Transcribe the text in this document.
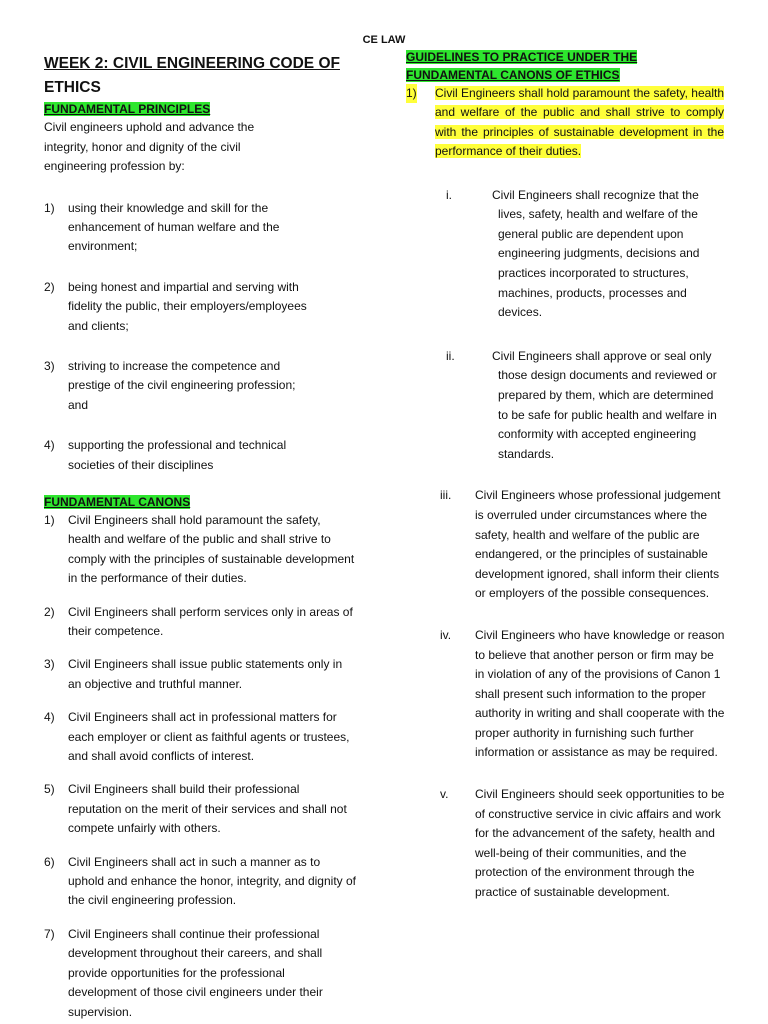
CE LAW
WEEK 2: CIVIL ENGINEERING CODE OF
ETHICS
FUNDAMENTAL PRINCIPLES
Civil engineers uphold and advance the integrity, honor and dignity of the civil engineering profession by:
1) using their knowledge and skill for the enhancement of human welfare and the environment;
2) being honest and impartial and serving with fidelity the public, their employers/employees and clients;
3) striving to increase the competence and prestige of the civil engineering profession; and
4) supporting the professional and technical societies of their disciplines
FUNDAMENTAL CANONS
1) Civil Engineers shall hold paramount the safety, health and welfare of the public and shall strive to comply with the principles of sustainable development in the performance of their duties.
2) Civil Engineers shall perform services only in areas of their competence.
3) Civil Engineers shall issue public statements only in an objective and truthful manner.
4) Civil Engineers shall act in professional matters for each employer or client as faithful agents or trustees, and shall avoid conflicts of interest.
5) Civil Engineers shall build their professional reputation on the merit of their services and shall not compete unfairly with others.
6) Civil Engineers shall act in such a manner as to uphold and enhance the honor, integrity, and dignity of the civil engineering profession.
7) Civil Engineers shall continue their professional development throughout their careers, and shall provide opportunities for the professional development of those civil engineers under their supervision.
GUIDELINES TO PRACTICE UNDER THE
FUNDAMENTAL CANONS OF ETHICS
1) Civil Engineers shall hold paramount the safety, health and welfare of the public and shall strive to comply with the principles of sustainable development in the performance of their duties.
i.	Civil Engineers shall recognize that the lives, safety, health and welfare of the general public are dependent upon engineering judgments, decisions and practices incorporated to structures, machines, products, processes and devices.
ii.	Civil Engineers shall approve or seal only those design documents and reviewed or prepared by them, which are determined to be safe for public health and welfare in conformity with accepted engineering standards.
iii. Civil Engineers whose professional judgement is overruled under circumstances where the safety, health and welfare of the public are endangered, or the principles of sustainable development ignored, shall inform their clients or employers of the possible consequences.
iv. Civil Engineers who have knowledge or reason to believe that another person or firm may be in violation of any of the provisions of Canon 1 shall present such information to the proper authority in writing and shall cooperate with the proper authority in furnishing such further information or assistance as may be required.
v. Civil Engineers should seek opportunities to be of constructive service in civic affairs and work for the advancement of the safety, health and well-being of their communities, and the protection of the environment through the practice of sustainable development.
